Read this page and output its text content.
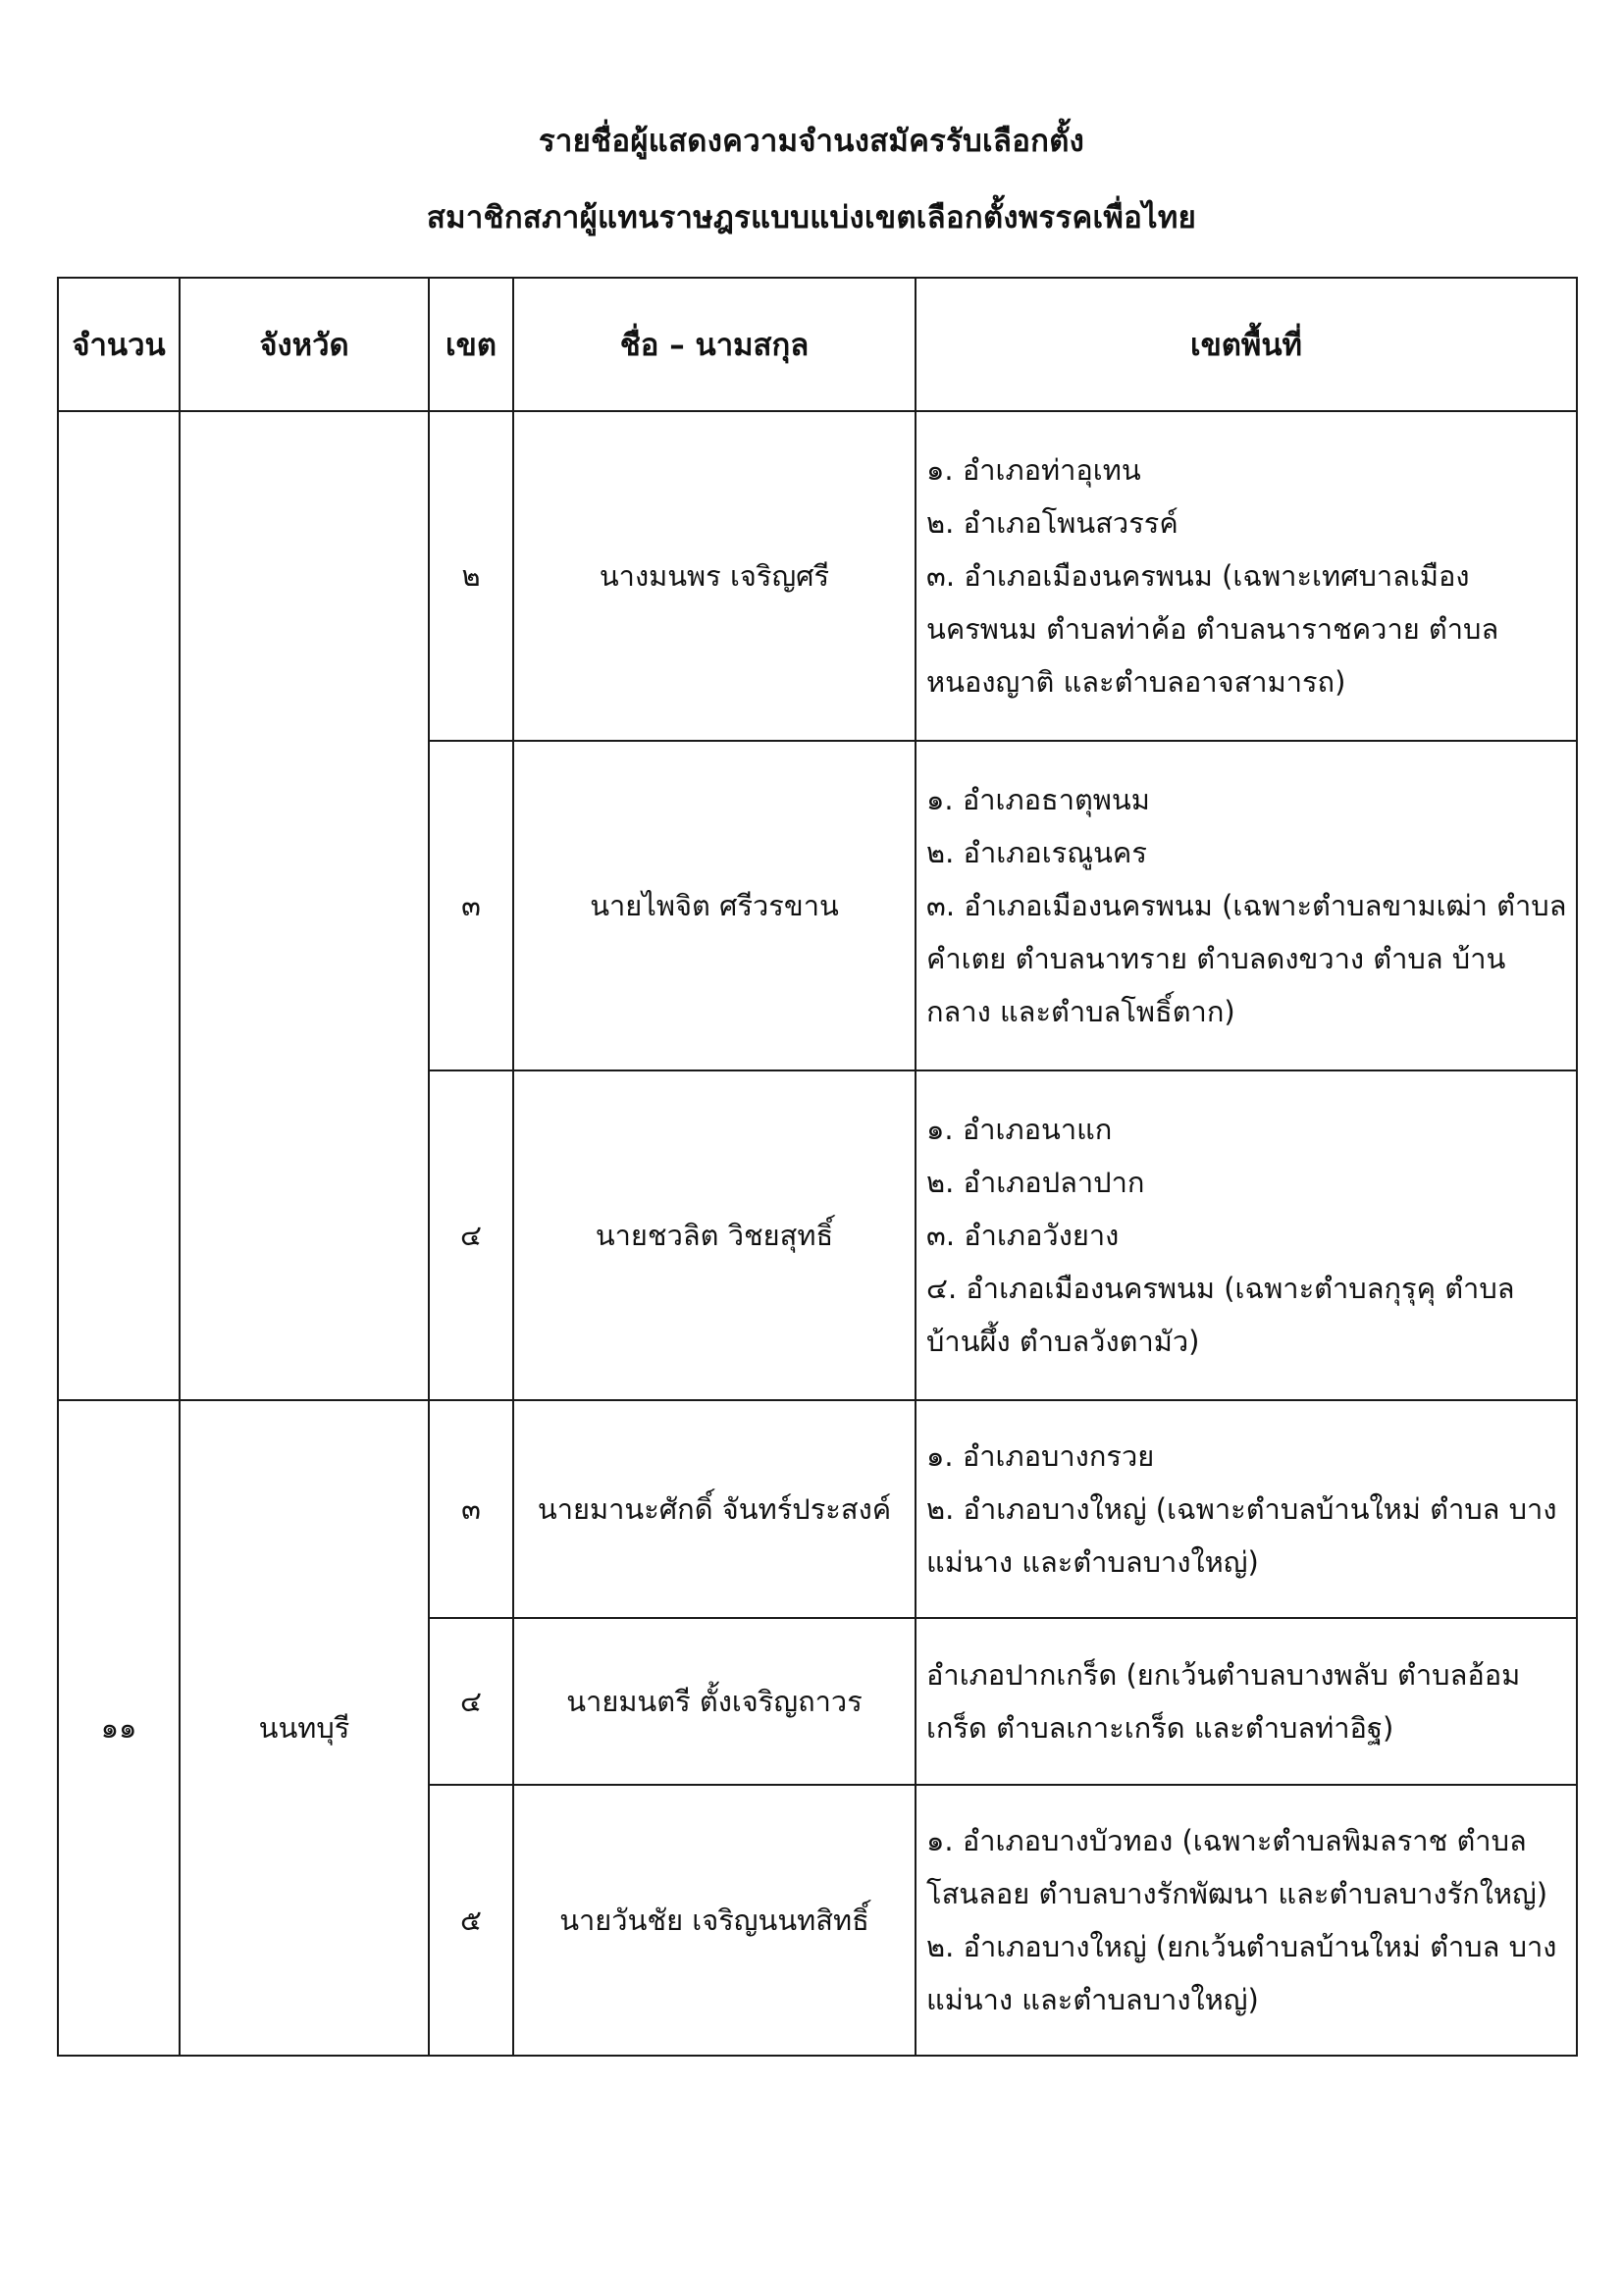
รายชื่อผู้แสดงความจำนงสมัครรับเลือกตั้ง
สมาชิกสภาผู้แทนราษฎรแบบแบ่งเขตเลือกตั้งพรรคเพื่อไทย
จำนวน	จังหวัด	เขต	ชื่อ – นามสกุล	เขตพื้นที่
		๒	นางมนพร เจริญศรี	๑. อำเภอท่าอุเทน
๒. อำเภอโพนสวรรค์
๓. อำเภอเมืองนครพนม (เฉพาะเทศบาลเมือง นครพนม ตำบลท่าค้อ ตำบลนาราชควาย ตำบล หนองญาติ และตำบลอาจสามารถ)

		๓	นายไพจิต ศรีวรขาน	๑. อำเภอธาตุพนม
๒. อำเภอเรณูนคร
๓. อำเภอเมืองนครพนม (เฉพาะตำบลขามเฒ่า ตำบลคำเตย ตำบลนาทราย ตำบลดงขวาง ตำบล บ้านกลาง และตำบลโพธิ์ตาก)

		๔	นายชวลิต วิชยสุทธิ์	๑. อำเภอนาแก
๒. อำเภอปลาปาก
๓. อำเภอวังยาง
๔. อำเภอเมืองนครพนม (เฉพาะตำบลกุรุคุ ตำบล บ้านผึ้ง ตำบลวังตามัว)

๑๑	นนทบุรี	๓	นายมานะศักดิ์ จันทร์ประสงค์	๑. อำเภอบางกรวย
๒. อำเภอบางใหญ่ (เฉพาะตำบลบ้านใหม่ ตำบล บางแม่นาง และตำบลบางใหญ่)

		๔	นายมนตรี ตั้งเจริญถาวร	อำเภอปากเกร็ด (ยกเว้นตำบลบางพลับ ตำบลอ้อม เกร็ด ตำบลเกาะเกร็ด และตำบลท่าอิฐ)

		๕	นายวันชัย เจริญนนทสิทธิ์	๑. อำเภอบางบัวทอง (เฉพาะตำบลพิมลราช ตำบล โสนลอย ตำบลบางรักพัฒนา และตำบลบางรักใหญ่)
๒. อำเภอบางใหญ่ (ยกเว้นตำบลบ้านใหม่ ตำบล บางแม่นาง และตำบลบางใหญ่)
